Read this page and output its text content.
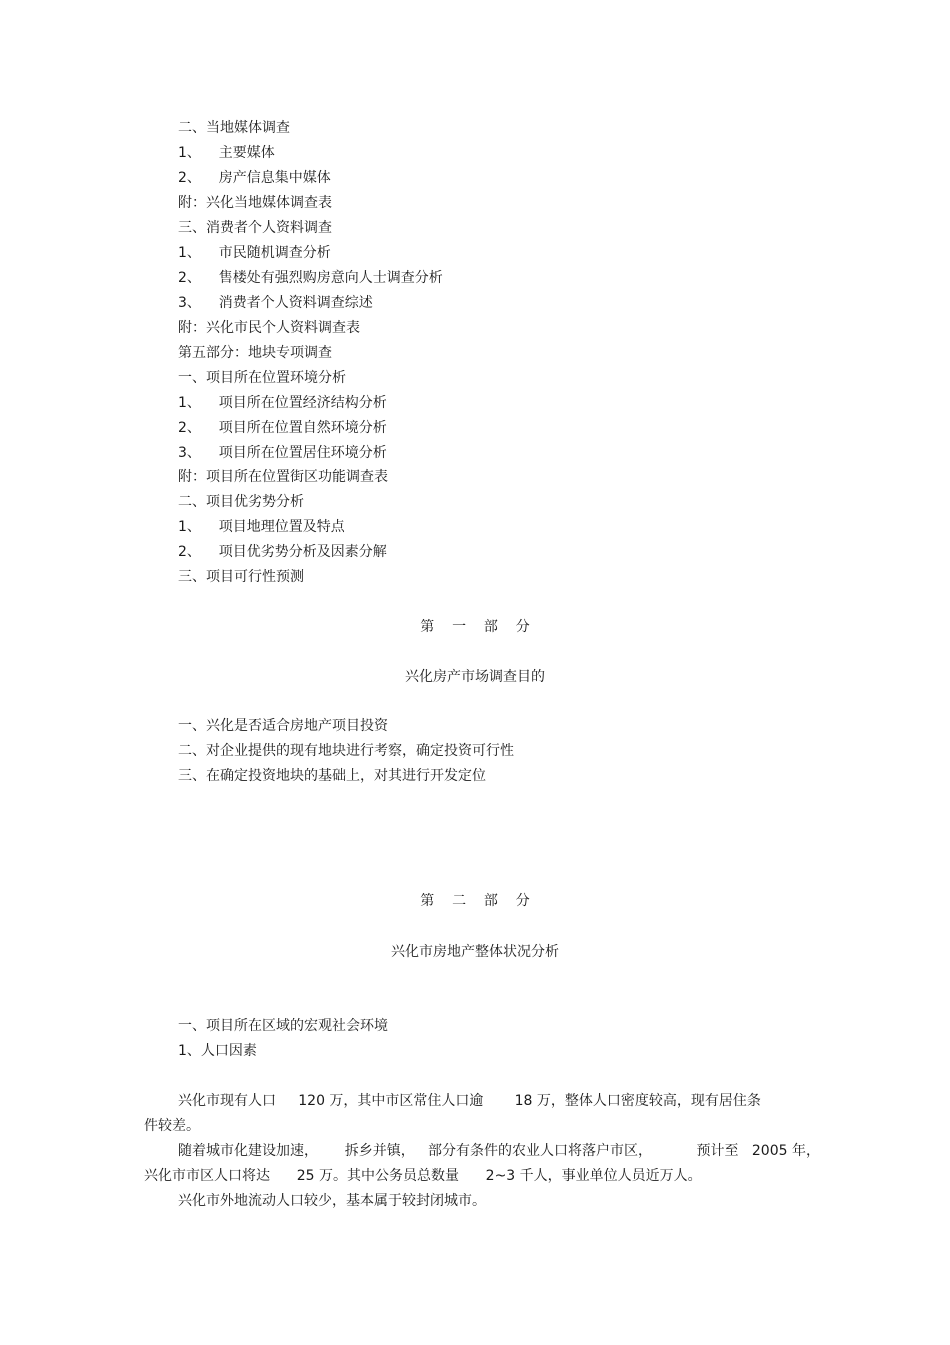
二、当地媒体调查
1、    主要媒体
2、    房产信息集中媒体
附：兴化当地媒体调查表
三、消费者个人资料调查
1、    市民随机调查分析
2、    售楼处有强烈购房意向人士调查分析
3、    消费者个人资料调查综述
附：兴化市民个人资料调查表
第五部分：地块专项调查
一、项目所在位置环境分析
1、    项目所在位置经济结构分析
2、    项目所在位置自然环境分析
3、    项目所在位置居住环境分析
附：项目所在位置街区功能调查表
二、项目优劣势分析
1、    项目地理位置及特点
2、    项目优劣势分析及因素分解
三、项目可行性预测
第    一    部    分
兴化房产市场调查目的
一、兴化是否适合房地产项目投资
二、对企业提供的现有地块进行考察，确定投资可行性
三、在确定投资地块的基础上，对其进行开发定位
第    二    部    分
兴化市房地产整体状况分析
一、项目所在区域的宏观社会环境
1、人口因素
兴化市现有人口     120 万，其中市区常住人口逾       18 万，整体人口密度较高，现有居住条
件较差。
随着城市化建设加速，      拆乡并镇，   部分有条件的农业人口将落户市区，          预计至   2005 年，
兴化市市区人口将达      25 万。其中公务员总数量      2~3 千人，事业单位人员近万人。
兴化市外地流动人口较少，基本属于较封闭城市。
